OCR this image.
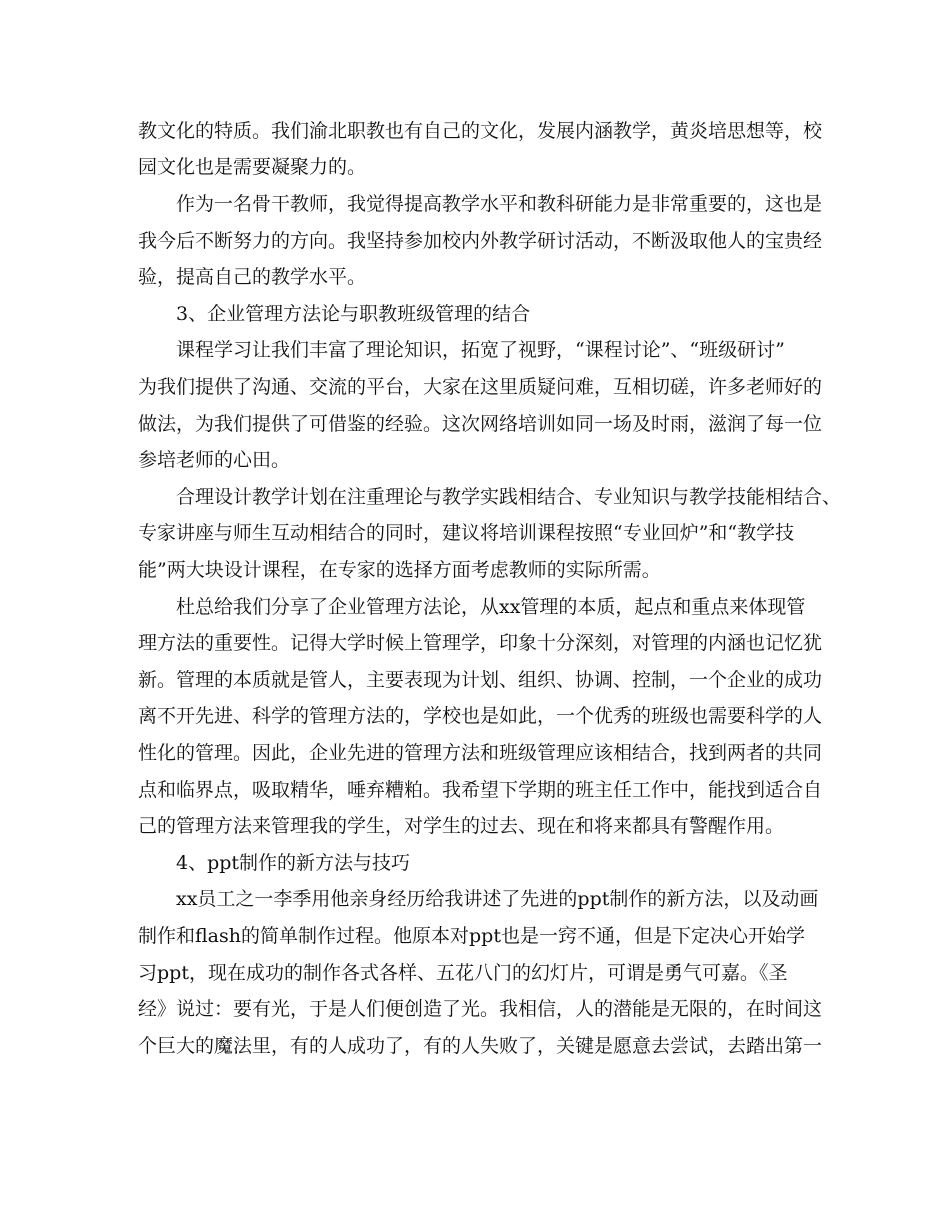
教文化的特质。我们渝北职教也有自己的文化，发展内涵教学，黄炎培思想等，校

园文化也是需要凝聚力的。

作为一名骨干教师，我觉得提高教学水平和教科研能力是非常重要的，这也是

我今后不断努力的方向。我坚持参加校内外教学研讨活动，不断汲取他人的宝贵经

验，提高自己的教学水平。

3、企业管理方法论与职教班级管理的结合

课程学习让我们丰富了理论知识，拓宽了视野，“课程讨论”、“班级研讨”

为我们提供了沟通、交流的平台，大家在这里质疑问难，互相切磋，许多老师好的

做法，为我们提供了可借鉴的经验。这次网络培训如同一场及时雨，滋润了每一位

参培老师的心田。

合理设计教学计划在注重理论与教学实践相结合、专业知识与教学技能相结合、

专家讲座与师生互动相结合的同时，建议将培训课程按照“专业回炉”和“教学技

能”两大块设计课程，在专家的选择方面考虑教师的实际所需。

杜总给我们分享了企业管理方法论，从xx管理的本质，起点和重点来体现管

理方法的重要性。记得大学时候上管理学，印象十分深刻，对管理的内涵也记忆犹

新。管理的本质就是管人，主要表现为计划、组织、协调、控制，一个企业的成功

离不开先进、科学的管理方法的，学校也是如此，一个优秀的班级也需要科学的人

性化的管理。因此，企业先进的管理方法和班级管理应该相结合，找到两者的共同

点和临界点，吸取精华，唾弃糟粕。我希望下学期的班主任工作中，能找到适合自

己的管理方法来管理我的学生，对学生的过去、现在和将来都具有警醒作用。

4、ppt制作的新方法与技巧

xx员工之一李季用他亲身经历给我讲述了先进的ppt制作的新方法，以及动画

制作和flash的简单制作过程。他原本对ppt也是一窍不通，但是下定决心开始学

习ppt，现在成功的制作各式各样、五花八门的幻灯片，可谓是勇气可嘉。《圣

经》说过：要有光，于是人们便创造了光。我相信，人的潜能是无限的，在时间这

个巨大的魔法里，有的人成功了，有的人失败了，关键是愿意去尝试，去踏出第一
